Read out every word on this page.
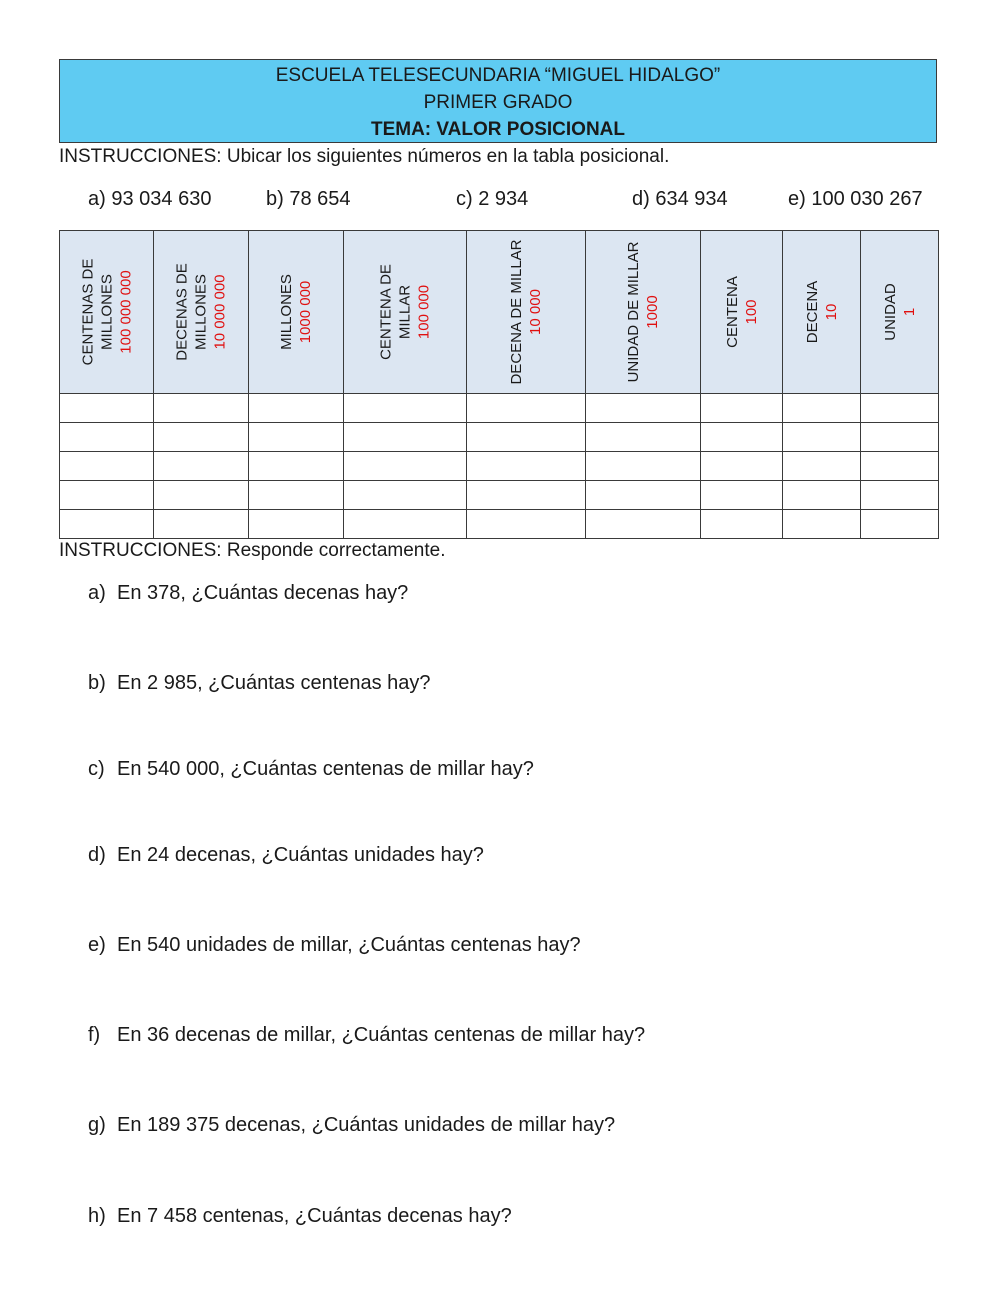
ESCUELA TELESECUNDARIA “MIGUEL HIDALGO”
PRIMER GRADO
TEMA: VALOR POSICIONAL
INSTRUCCIONES: Ubicar los siguientes números en la tabla posicional.
a) 93 034 630	b) 78 654	c) 2 934	d) 634 934	e) 100 030 267
CENTENAS DE MILLONES 100 000 000	DECENAS DE MILLONES 10 000 000	MILLONES 1000 000	CENTENA DE MILLAR 100 000	DECENA DE MILLAR 10 000	UNIDAD DE MILLAR 1000	CENTENA 100	DECENA 10	UNIDAD 1

INSTRUCCIONES: Responde correctamente.
a) En 378, ¿Cuántas decenas hay?
b) En 2 985, ¿Cuántas centenas hay?
c) En 540 000, ¿Cuántas centenas de millar hay?
d) En 24 decenas, ¿Cuántas unidades hay?
e) En 540 unidades de millar, ¿Cuántas centenas hay?
f) En 36 decenas de millar, ¿Cuántas centenas de millar hay?
g) En 189 375 decenas, ¿Cuántas unidades de millar hay?
h) En 7 458 centenas, ¿Cuántas decenas hay?
